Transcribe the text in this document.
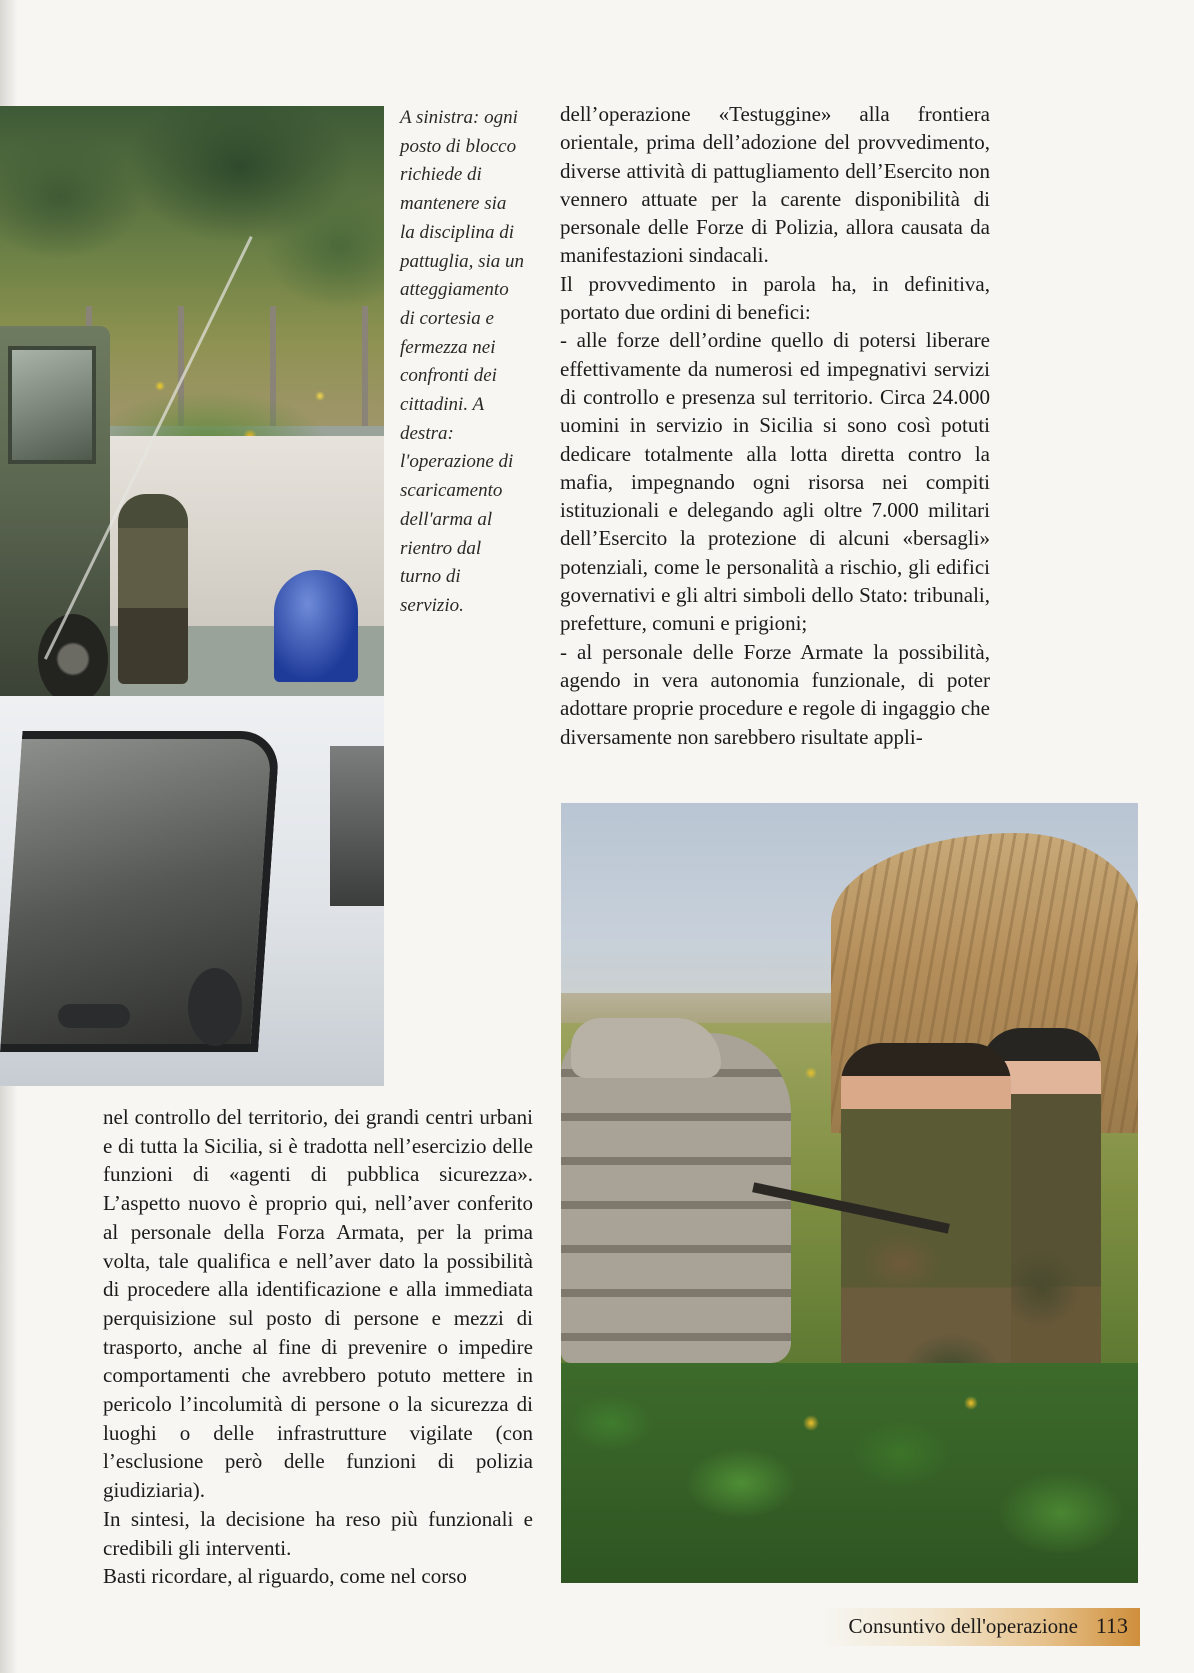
A sinistra: ogni
posto di blocco
richiede di
mantenere sia
la disciplina di
pattuglia, sia un
atteggiamento
di cortesia e
fermezza nei
confronti dei
cittadini. A
destra:
l'operazione di
scaricamento
dell'arma al
rientro dal
turno di
servizio.

dell’operazione «Testuggine» alla frontiera orientale, prima dell’adozione del provvedimento, diverse attività di pattugliamento dell’Esercito non vennero attuate per la carente disponibilità di personale delle Forze di Polizia, allora causata da manifestazioni sindacali.

Il provvedimento in parola ha, in definitiva, portato due ordini di benefici:

- alle forze dell’ordine quello di potersi liberare effettivamente da numerosi ed impegnativi servizi di controllo e presenza sul territorio. Circa 24.000 uomini in servizio in Sicilia si sono così potuti dedicare totalmente alla lotta diretta contro la mafia, impegnando ogni risorsa nei compiti istituzionali e delegando agli oltre 7.000 militari dell’Esercito la protezione di alcuni «bersagli» potenziali, come le personalità a rischio, gli edifici governativi e gli altri simboli dello Stato: tribunali, prefetture, comuni e prigioni;

- al personale delle Forze Armate la possibilità, agendo in vera autonomia funzionale, di poter adottare proprie procedure e regole di ingaggio che diversamente non sarebbero risultate appli-

nel controllo del territorio, dei grandi centri urbani e di tutta la Sicilia, si è tradotta nell’esercizio delle funzioni di «agenti di pubblica sicurezza». L’aspetto nuovo è proprio qui, nell’aver conferito al personale della Forza Armata, per la prima volta, tale qualifica e nell’aver dato la possibilità di procedere alla identificazione e alla immediata perquisizione sul posto di persone e mezzi di trasporto, anche al fine di prevenire o impedire comportamenti che avrebbero potuto mettere in pericolo l’incolumità di persone o la sicurezza di luoghi o delle infrastrutture vigilate (con l’esclusione però delle funzioni di polizia giudiziaria).

In sintesi, la decisione ha reso più funzionali e credibili gli interventi.

Basti ricordare, al riguardo, come nel corso

Consuntivo dell'operazione 113
